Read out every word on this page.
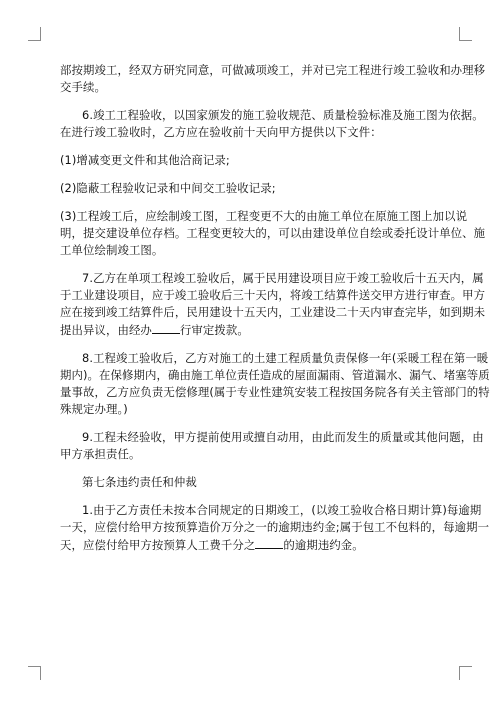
部按期竣工，经双方研究同意，可做减项竣工，并对已完工程进行竣工验收和办理移
交手续。
6.竣工工程验收，以国家颁发的施工验收规范、质量检验标准及施工图为依据。
在进行竣工验收时，乙方应在验收前十天向甲方提供以下文件：
(1)增减变更文件和其他洽商记录;
(2)隐蔽工程验收记录和中间交工验收记录;
(3)工程竣工后，应绘制竣工图，工程变更不大的由施工单位在原施工图上加以说
明，提交建设单位存档。工程变更较大的，可以由建设单位自绘或委托设计单位、施
工单位绘制竣工图。
7.乙方在单项工程竣工验收后，属于民用建设项目应于竣工验收后十五天内，属
于工业建设项目，应于竣工验收后三十天内，将竣工结算件送交甲方进行审查。甲方
应在接到竣工结算件后，民用建设十五天内，工业建设二十天内审查完毕，如到期未
提出异议，由经办 行审定拨款。
8.工程竣工验收后，乙方对施工的土建工程质量负责保修一年(采暖工程在第一暖
期内)。在保修期内，确由施工单位责任造成的屋面漏雨、管道漏水、漏气、堵塞等质
量事故，乙方应负责无偿修理(属于专业性建筑安装工程按国务院各有关主管部门的特
殊规定办理。)
9.工程未经验收，甲方提前使用或擅自动用，由此而发生的质量或其他问题，由
甲方承担责任。
第七条违约责任和仲裁
1.由于乙方责任未按本合同规定的日期竣工，(以竣工验收合格日期计算)每逾期
一天，应偿付给甲方按预算造价万分之一的逾期违约金;属于包工不包料的，每逾期一
天，应偿付给甲方按预算人工费千分之 的逾期违约金。
